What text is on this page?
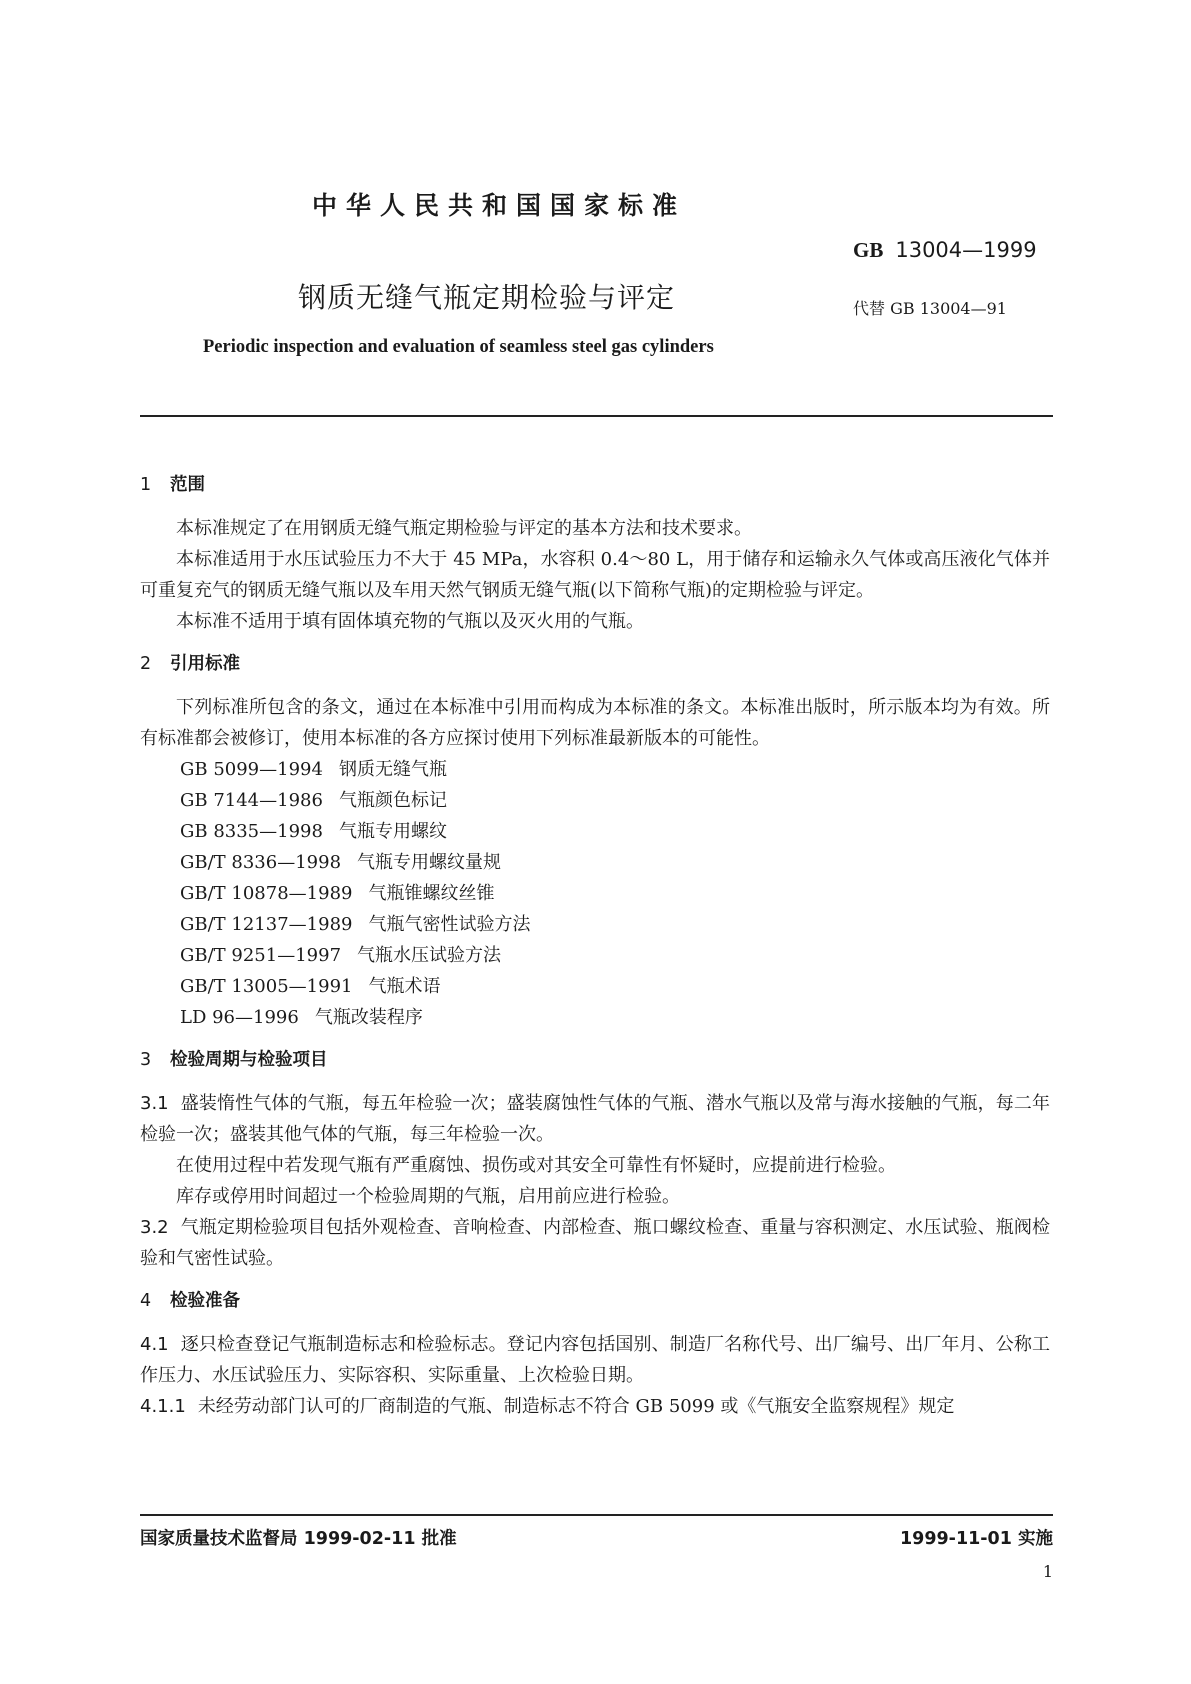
中华人民共和国国家标准
GB 13004—1999
钢质无缝气瓶定期检验与评定	代替 GB 13004—91
Periodic inspection and evaluation of seamless steel gas cylinders
1 范围

本标准规定了在用钢质无缝气瓶定期检验与评定的基本方法和技术要求。

本标准适用于水压试验压力不大于 45 MPa，水容积 0.4～80 L，用于储存和运输永久气体或高压液化气体并可重复充气的钢质无缝气瓶以及车用天然气钢质无缝气瓶(以下简称气瓶)的定期检验与评定。

本标准不适用于填有固体填充物的气瓶以及灭火用的气瓶。

2 引用标准

下列标准所包含的条文，通过在本标准中引用而构成为本标准的条文。本标准出版时，所示版本均为有效。所有标准都会被修订，使用本标准的各方应探讨使用下列标准最新版本的可能性。

GB 5099—1994 钢质无缝气瓶

GB 7144—1986 气瓶颜色标记

GB 8335—1998 气瓶专用螺纹

GB/T 8336—1998 气瓶专用螺纹量规

GB/T 10878—1989 气瓶锥螺纹丝锥

GB/T 12137—1989 气瓶气密性试验方法

GB/T 9251—1997 气瓶水压试验方法

GB/T 13005—1991 气瓶术语

LD 96—1996 气瓶改装程序

3 检验周期与检验项目

3.1 盛装惰性气体的气瓶，每五年检验一次；盛装腐蚀性气体的气瓶、潜水气瓶以及常与海水接触的气瓶，每二年检验一次；盛装其他气体的气瓶，每三年检验一次。

在使用过程中若发现气瓶有严重腐蚀、损伤或对其安全可靠性有怀疑时，应提前进行检验。

库存或停用时间超过一个检验周期的气瓶，启用前应进行检验。

3.2 气瓶定期检验项目包括外观检查、音响检查、内部检查、瓶口螺纹检查、重量与容积测定、水压试验、瓶阀检验和气密性试验。

4 检验准备

4.1 逐只检查登记气瓶制造标志和检验标志。登记内容包括国别、制造厂名称代号、出厂编号、出厂年月、公称工作压力、水压试验压力、实际容积、实际重量、上次检验日期。

4.1.1 未经劳动部门认可的厂商制造的气瓶、制造标志不符合 GB 5099 或《气瓶安全监察规程》规定

国家质量技术监督局 1999-02-11 批准	1999-11-01 实施
1
